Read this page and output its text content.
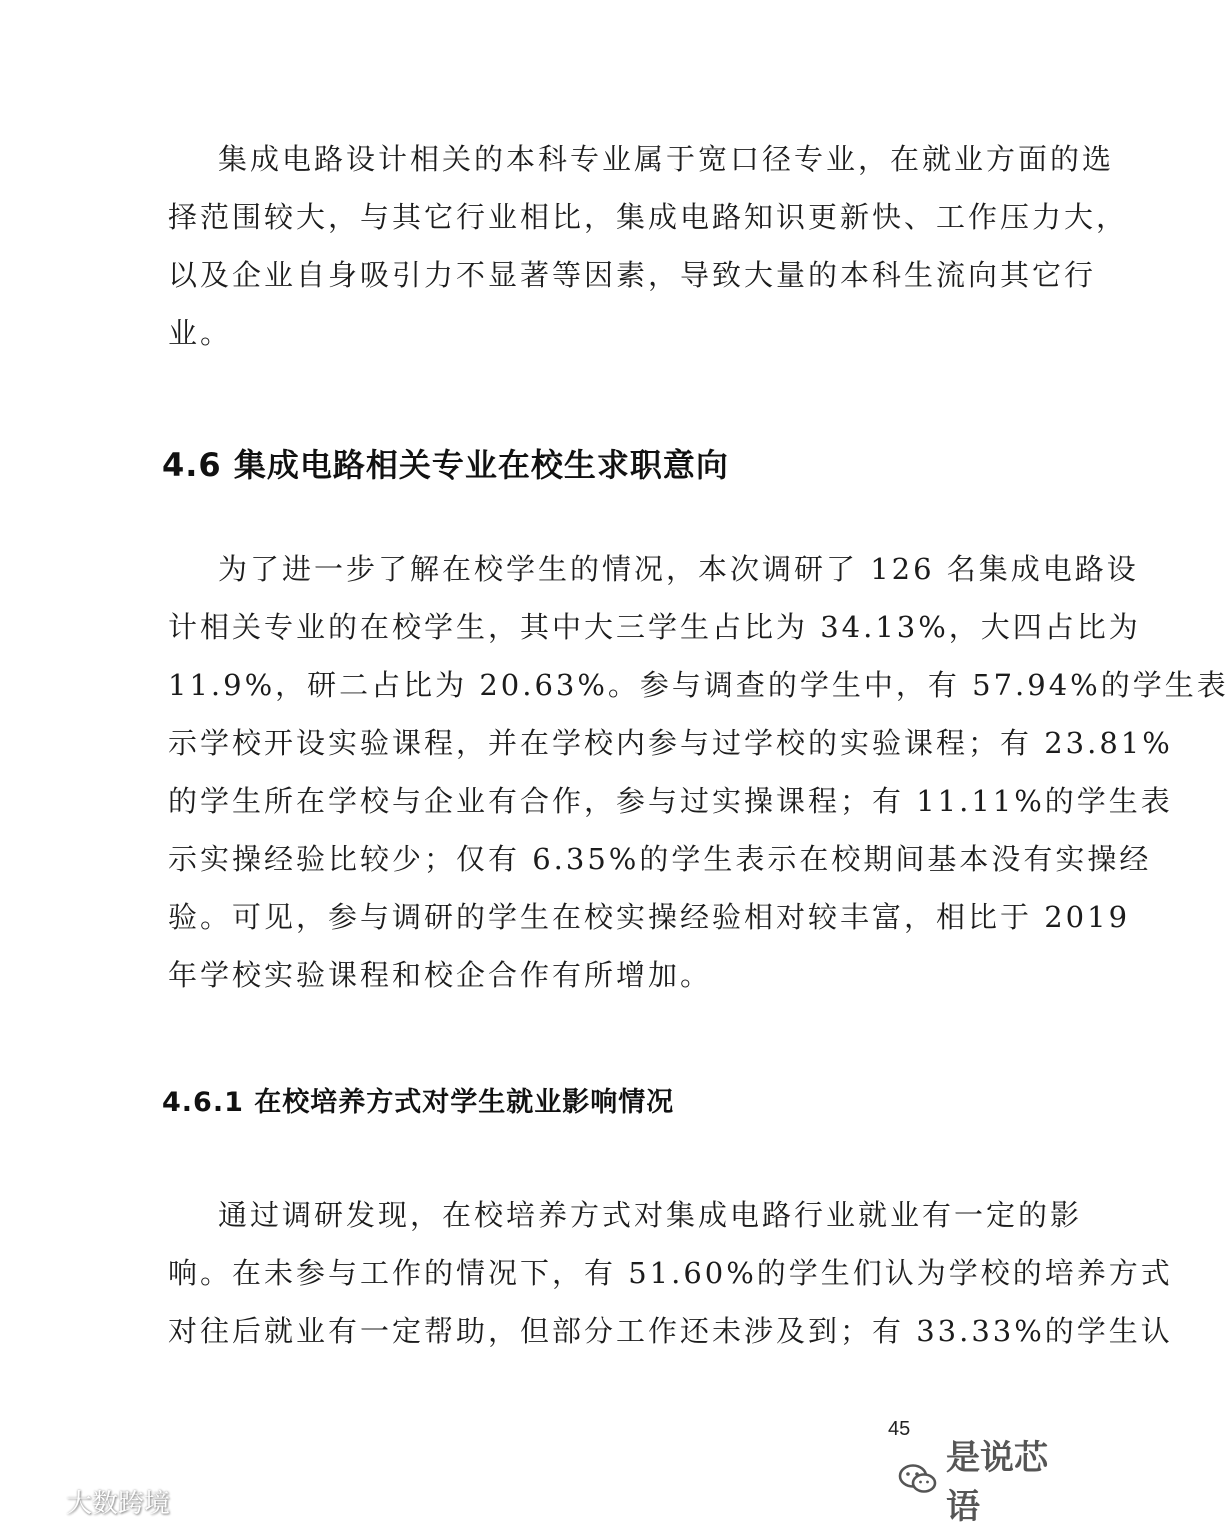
集成电路设计相关的本科专业属于宽口径专业，在就业方面的选
择范围较大，与其它行业相比，集成电路知识更新快、工作压力大，
以及企业自身吸引力不显著等因素，导致大量的本科生流向其它行
业。
4.6 集成电路相关专业在校生求职意向
为了进一步了解在校学生的情况，本次调研了 126 名集成电路设
计相关专业的在校学生，其中大三学生占比为 34.13%，大四占比为
11.9%，研二占比为 20.63%。参与调查的学生中，有 57.94%的学生表
示学校开设实验课程，并在学校内参与过学校的实验课程；有 23.81%
的学生所在学校与企业有合作，参与过实操课程；有 11.11%的学生表
示实操经验比较少；仅有 6.35%的学生表示在校期间基本没有实操经
验。可见，参与调研的学生在校实操经验相对较丰富，相比于 2019
年学校实验课程和校企合作有所增加。
4.6.1 在校培养方式对学生就业影响情况
通过调研发现，在校培养方式对集成电路行业就业有一定的影
响。在未参与工作的情况下，有 51.60%的学生们认为学校的培养方式
对往后就业有一定帮助，但部分工作还未涉及到；有 33.33%的学生认
45
是说芯语
大数跨境
